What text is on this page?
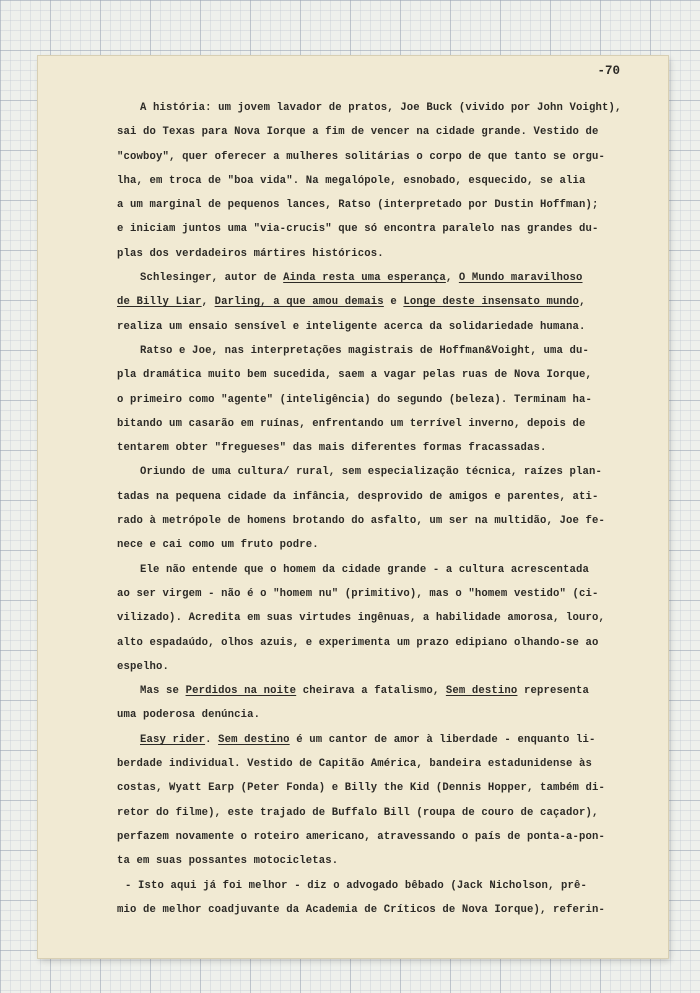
-70
A história: um jovem lavador de pratos, Joe Buck (vivido por John Voight),
sai do Texas para Nova Iorque a fim de vencer na cidade grande. Vestido de
"cowboy", quer oferecer a mulheres solitárias o corpo de que tanto se orgu-
lha, em troca de "boa vida". Na megalópole, esnobado, esquecido, se alia
a um marginal de pequenos lances, Ratso (interpretado por Dustin Hoffman);
e iniciam juntos uma "via-crucis" que só encontra paralelo nas grandes du-
plas dos verdadeiros mártires históricos.
Schlesinger, autor de Ainda resta uma esperança, O Mundo maravilhoso
de Billy Liar, Darling, a que amou demais e Longe deste insensato mundo,
realiza um ensaio sensível e inteligente acerca da solidariedade humana.
Ratso e Joe, nas interpretações magistrais de Hoffman&Voight, uma du-
pla dramática muito bem sucedida, saem a vagar pelas ruas de Nova Iorque,
o primeiro como "agente" (inteligência) do segundo (beleza). Terminam ha-
bitando um casarão em ruínas, enfrentando um terrível inverno, depois de
tentarem obter "fregueses" das mais diferentes formas fracassadas.
Oriundo de uma cultura/ rural, sem especialização técnica, raízes plan-
tadas na pequena cidade da infância, desprovido de amigos e parentes, ati-
rado à metrópole de homens brotando do asfalto, um ser na multidão, Joe fe-
nece e cai como um fruto podre.
Ele não entende que o homem da cidade grande - a cultura acrescentada
ao ser virgem - não é o "homem nu" (primitivo), mas o "homem vestido" (ci-
vilizado). Acredita em suas virtudes ingênuas, a habilidade amorosa, louro,
alto espadaúdo, olhos azuis, e experimenta um prazo edipiano olhando-se ao
espelho.
Mas se Perdidos na noite cheirava a fatalismo, Sem destino representa
uma poderosa denúncia.
Easy rider. Sem destino é um cantor de amor à liberdade - enquanto li-
berdade individual. Vestido de Capitão América, bandeira estadunidense às
costas, Wyatt Earp (Peter Fonda) e Billy the Kid (Dennis Hopper, também di-
retor do filme), este trajado de Buffalo Bill (roupa de couro de caçador),
perfazem novamente o roteiro americano, atravessando o país de ponta-a-pon-
ta em suas possantes motocicletas.
- Isto aqui já foi melhor - diz o advogado bêbado (Jack Nicholson, prê-
mio de melhor coadjuvante da Academia de Críticos de Nova Iorque), referin-
